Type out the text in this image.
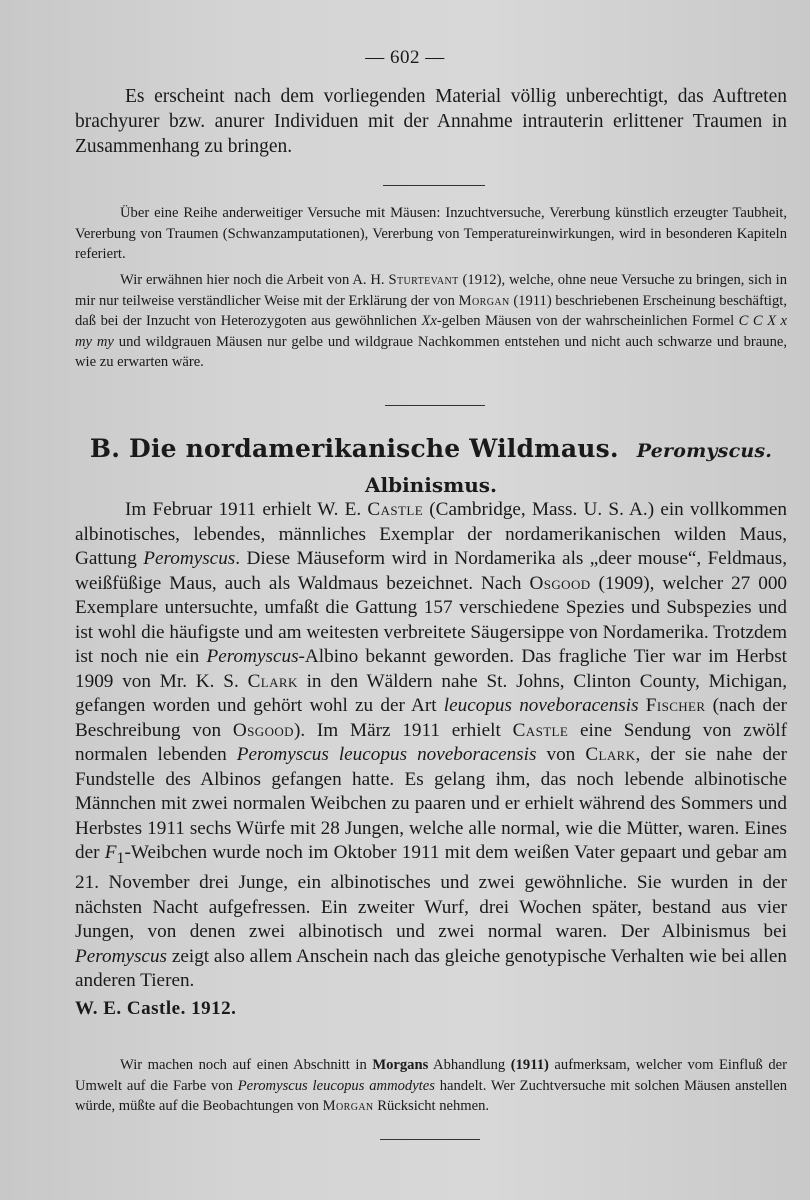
— 602 —

Es erscheint nach dem vorliegenden Material völlig unberechtigt, das Auftreten brachyurer bzw. anurer Individuen mit der Annahme intrauterin erlittener Traumen in Zusammenhang zu bringen.

Über eine Reihe anderweitiger Versuche mit Mäusen: Inzuchtversuche, Vererbung künstlich erzeugter Taubheit, Vererbung von Traumen (Schwanzamputationen), Vererbung von Temperatureinwirkungen, wird in besonderen Kapiteln referiert.

Wir erwähnen hier noch die Arbeit von A. H. Sturtevant (1912), welche, ohne neue Versuche zu bringen, sich in mir nur teilweise verständlicher Weise mit der Erklärung der von Morgan (1911) beschriebenen Erscheinung beschäftigt, daß bei der Inzucht von Heterozygoten aus gewöhnlichen Xx-gelben Mäusen von der wahrscheinlichen Formel C C X x my my und wildgrauen Mäusen nur gelbe und wildgraue Nachkommen entstehen und nicht auch schwarze und braune, wie zu erwarten wäre.

B. Die nordamerikanische Wildmaus. Peromyscus.
Albinismus.

Im Februar 1911 erhielt W. E. Castle (Cambridge, Mass. U. S. A.) ein vollkommen albinotisches, lebendes, männliches Exemplar der nordamerikanischen wilden Maus, Gattung Peromyscus. Diese Mäuseform wird in Nordamerika als „deer mouse“, Feldmaus, weißfüßige Maus, auch als Waldmaus bezeichnet. Nach Osgood (1909), welcher 27 000 Exemplare untersuchte, umfaßt die Gattung 157 verschiedene Spezies und Subspezies und ist wohl die häufigste und am weitesten verbreitete Säugersippe von Nordamerika. Trotzdem ist noch nie ein Peromyscus-Albino bekannt geworden. Das fragliche Tier war im Herbst 1909 von Mr. K. S. Clark in den Wäldern nahe St. Johns, Clinton County, Michigan, gefangen worden und gehört wohl zu der Art leucopus noveboracensis Fischer (nach der Beschreibung von Osgood). Im März 1911 erhielt Castle eine Sendung von zwölf normalen lebenden Peromyscus leucopus noveboracensis von Clark, der sie nahe der Fundstelle des Albinos gefangen hatte. Es gelang ihm, das noch lebende albinotische Männchen mit zwei normalen Weibchen zu paaren und er erhielt während des Sommers und Herbstes 1911 sechs Würfe mit 28 Jungen, welche alle normal, wie die Mütter, waren. Eines der $F_1$-Weibchen wurde noch im Oktober 1911 mit dem weißen Vater gepaart und gebar am 21. November drei Junge, ein albinotisches und zwei gewöhnliche. Sie wurden in der nächsten Nacht aufgefressen. Ein zweiter Wurf, drei Wochen später, bestand aus vier Jungen, von denen zwei albinotisch und zwei normal waren. Der Albinismus bei Peromyscus zeigt also allem Anschein nach das gleiche genotypische Verhalten wie bei allen anderen Tieren.

W. E. Castle. 1912.

Wir machen noch auf einen Abschnitt in Morgans Abhandlung (1911) aufmerksam, welcher vom Einfluß der Umwelt auf die Farbe von Peromyscus leucopus ammodytes handelt. Wer Zuchtversuche mit solchen Mäusen anstellen würde, müßte auf die Beobachtungen von Morgan Rücksicht nehmen.
